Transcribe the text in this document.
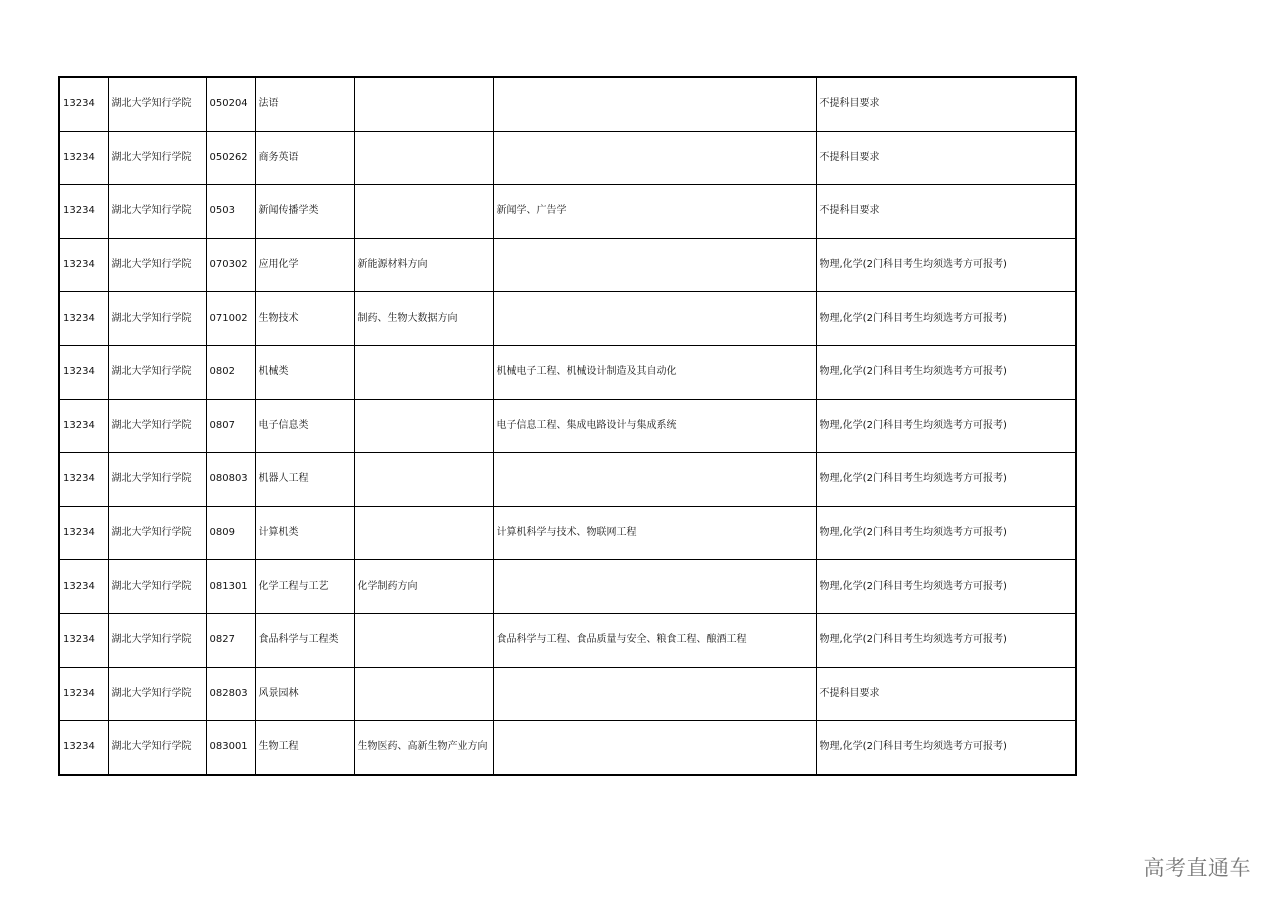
13234	湖北大学知行学院	050204	法语			不提科目要求
13234	湖北大学知行学院	050262	商务英语			不提科目要求
13234	湖北大学知行学院	0503	新闻传播学类		新闻学、广告学	不提科目要求
13234	湖北大学知行学院	070302	应用化学	新能源材料方向		物理,化学(2门科目考生均须选考方可报考)
13234	湖北大学知行学院	071002	生物技术	制药、生物大数据方向		物理,化学(2门科目考生均须选考方可报考)
13234	湖北大学知行学院	0802	机械类		机械电子工程、机械设计制造及其自动化	物理,化学(2门科目考生均须选考方可报考)
13234	湖北大学知行学院	0807	电子信息类		电子信息工程、集成电路设计与集成系统	物理,化学(2门科目考生均须选考方可报考)
13234	湖北大学知行学院	080803	机器人工程			物理,化学(2门科目考生均须选考方可报考)
13234	湖北大学知行学院	0809	计算机类		计算机科学与技术、物联网工程	物理,化学(2门科目考生均须选考方可报考)
13234	湖北大学知行学院	081301	化学工程与工艺	化学制药方向		物理,化学(2门科目考生均须选考方可报考)
13234	湖北大学知行学院	0827	食品科学与工程类		食品科学与工程、食品质量与安全、粮食工程、酿酒工程	物理,化学(2门科目考生均须选考方可报考)
13234	湖北大学知行学院	082803	风景园林			不提科目要求
13234	湖北大学知行学院	083001	生物工程	生物医药、高新生物产业方向		物理,化学(2门科目考生均须选考方可报考)
高考直通车
